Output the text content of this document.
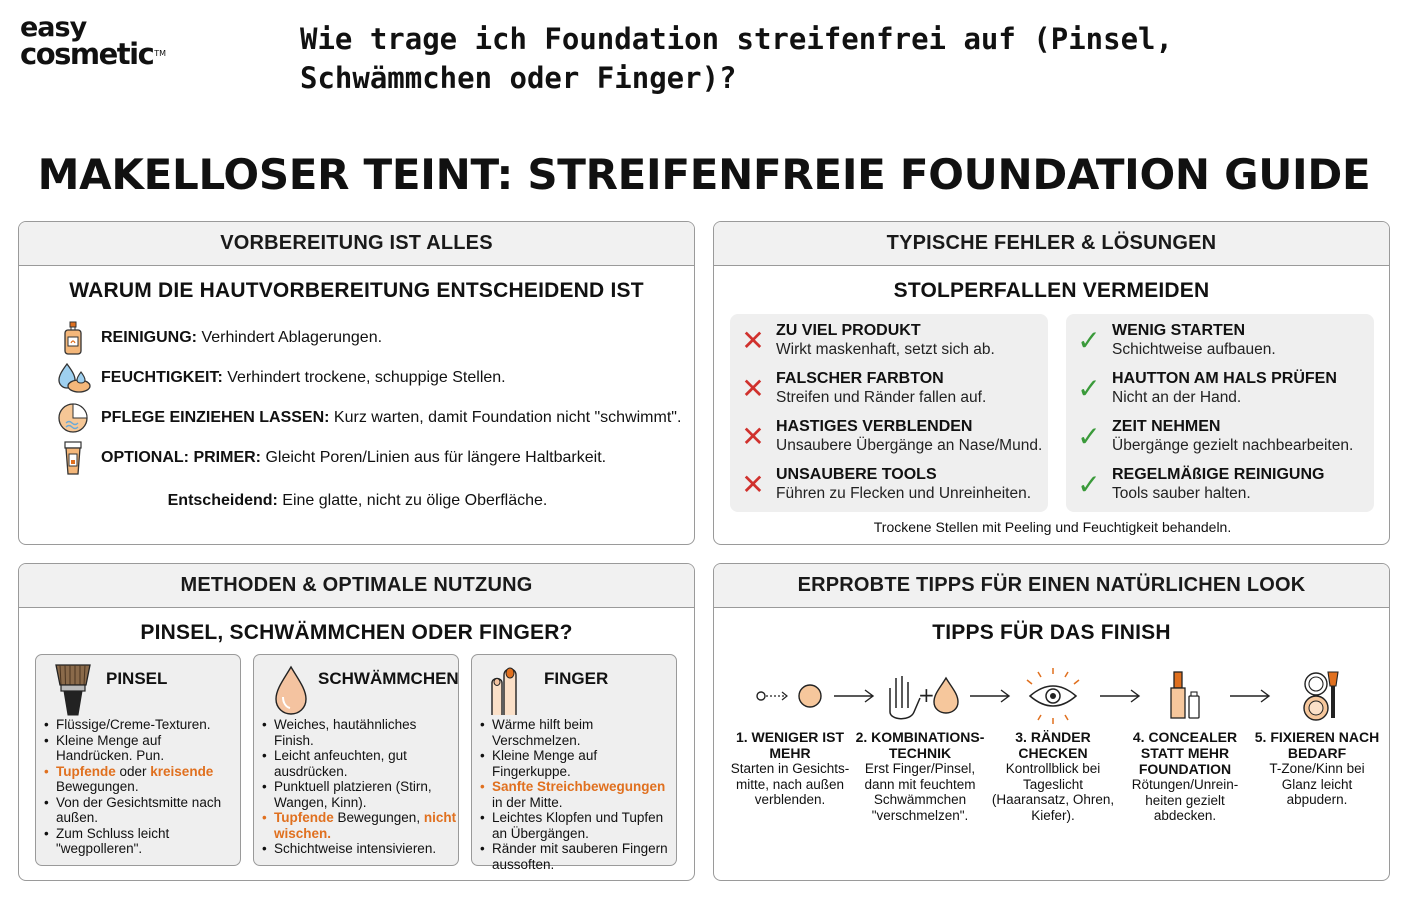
easy
cosmetic™	Wie trage ich Foundation streifenfrei auf (Pinsel, Schwämmchen oder Finger)?
MAKELLOSER TEINT: STREIFENFREIE FOUNDATION GUIDE
VORBEREITUNG IST ALLES
WARUM DIE HAUTVORBEREITUNG ENTSCHEIDEND IST
REINIGUNG: Verhindert Ablagerungen.
FEUCHTIGKEIT: Verhindert trockene, schuppige Stellen.
PFLEGE EINZIEHEN LASSEN: Kurz warten, damit Foundation nicht "schwimmt".
OPTIONAL: PRIMER: Gleicht Poren/Linien aus für längere Haltbarkeit.
Entscheidend: Eine glatte, nicht zu ölige Oberfläche.
TYPISCHE FEHLER & LÖSUNGEN
STOLPERFALLEN VERMEIDEN
✕ ZU VIEL PRODUKT
Wirkt maskenhaft, setzt sich ab.
✕ FALSCHER FARBTON
Streifen und Ränder fallen auf.
✕ HASTIGES VERBLENDEN
Unsaubere Übergänge an Nase/Mund.
✕ UNSAUBERE TOOLS
Führen zu Flecken und Unreinheiten.
✓ WENIG STARTEN
Schichtweise aufbauen.
✓ HAUTTON AM HALS PRÜFEN
Nicht an der Hand.
✓ ZEIT NEHMEN
Übergänge gezielt nachbearbeiten.
✓ REGELMÄßIGE REINIGUNG
Tools sauber halten.
Trockene Stellen mit Peeling und Feuchtigkeit behandeln.
METHODEN & OPTIMALE NUTZUNG
PINSEL, SCHWÄMMCHEN ODER FINGER?
PINSEL
• Flüssige/Creme-Texturen.
• Kleine Menge auf Handrücken. Pun.
• Tupfende oder kreisende Bewegungen.
• Von der Gesichtsmitte nach außen.
• Zum Schluss leicht "wegpolleren".
SCHWÄMMCHEN
• Weiches, hautähnliches Finish.
• Leicht anfeuchten, gut ausdrücken.
• Punktuell platzieren (Stirn, Wangen, Kinn).
• Tupfende Bewegungen, nicht wischen.
• Schichtweise intensivieren.
FINGER
• Wärme hilft beim Verschmelzen.
• Kleine Menge auf Fingerkuppe.
• Sanfte Streichbewegungen in der Mitte.
• Leichtes Klopfen und Tupfen an Übergängen.
• Ränder mit sauberen Fingern aussoften.
ERPROBTE TIPPS FÜR EINEN NATÜRLICHEN LOOK
TIPPS FÜR DAS FINISH
+
1. WENIGER IST MEHR
Starten in Gesichts-mitte, nach außen verblenden.
2. KOMBINATIONS-TECHNIK
Erst Finger/Pinsel, dann mit feuchtem Schwämmchen "verschmelzen".
3. RÄNDER CHECKEN
Kontrollblick bei Tageslicht (Haaransatz, Ohren, Kiefer).
4. CONCEALER STATT MEHR FOUNDATION
Rötungen/Unrein-heiten gezielt abdecken.
5. FIXIEREN NACH BEDARF
T-Zone/Kinn bei Glanz leicht abpudern.
